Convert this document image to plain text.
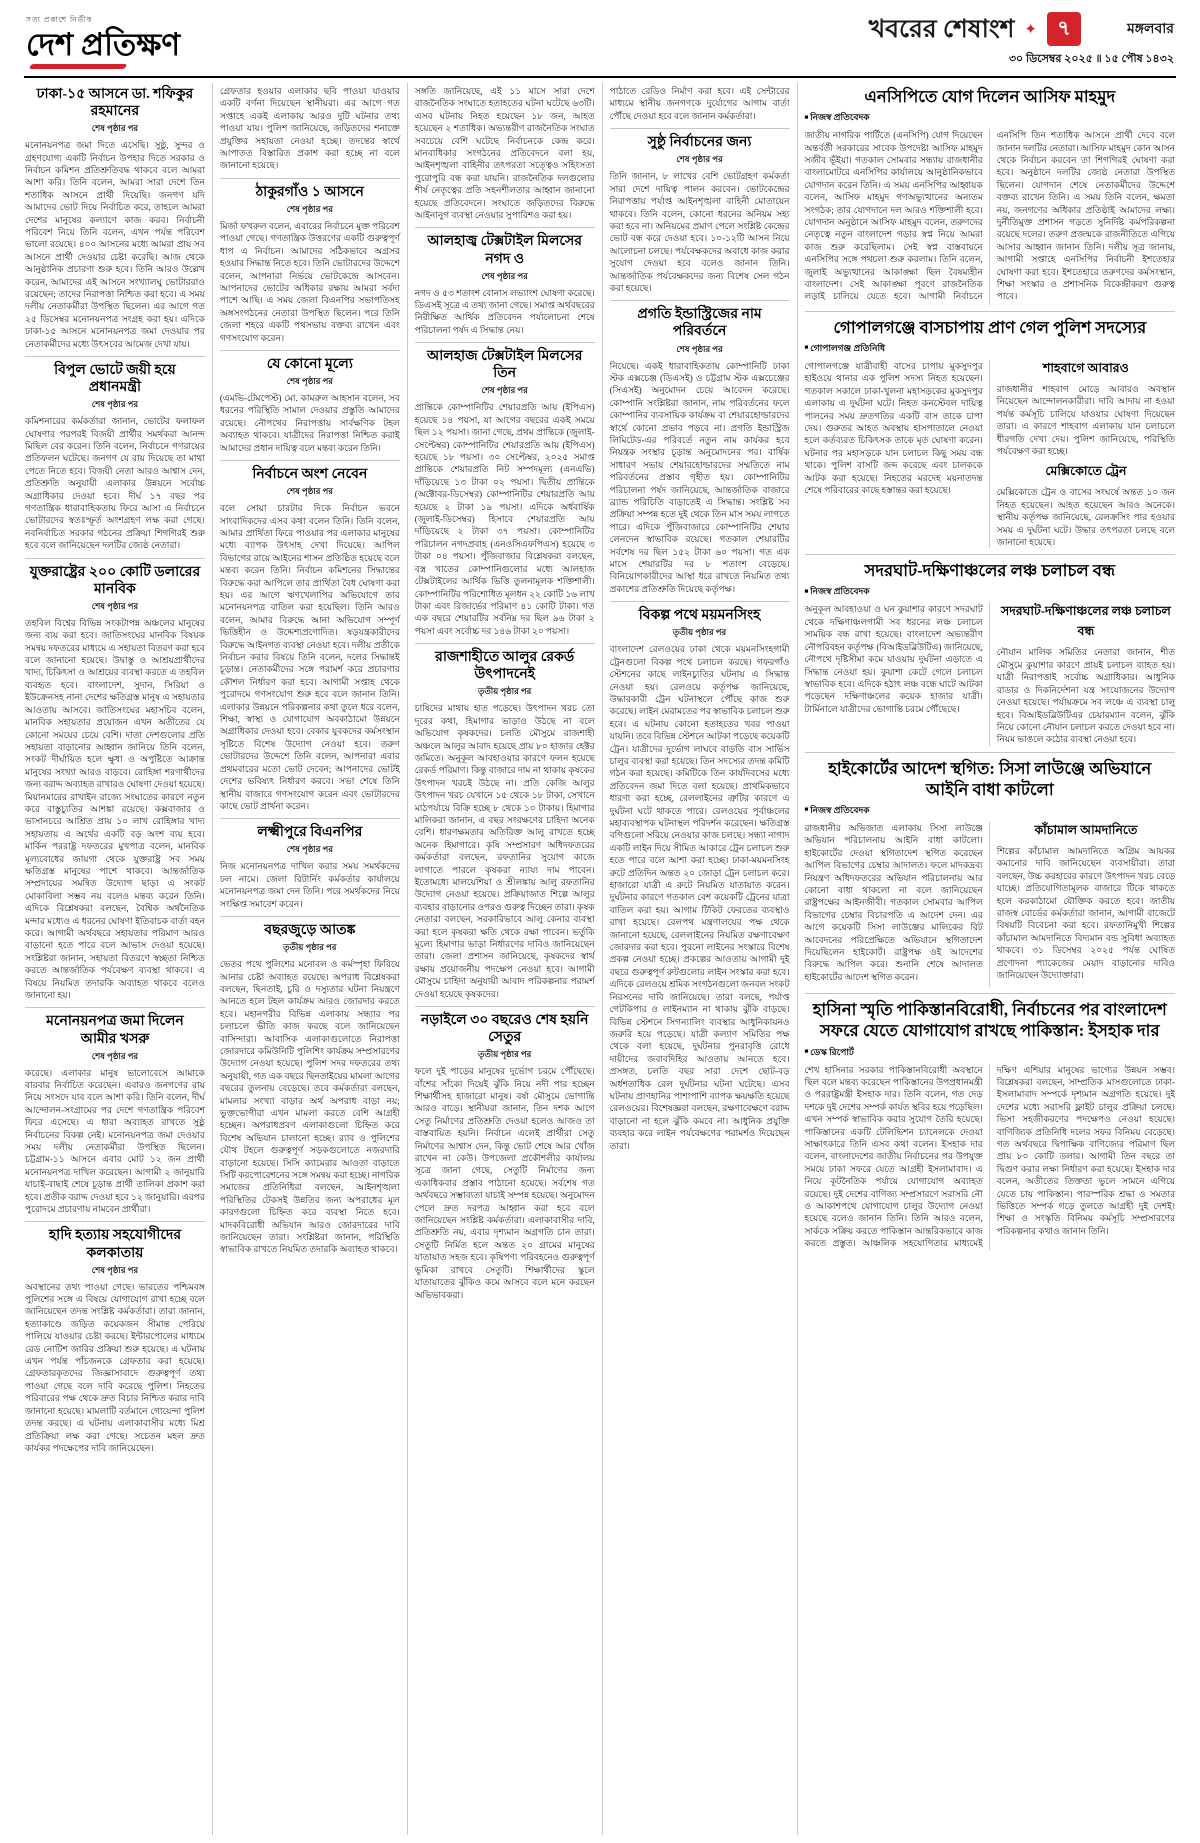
সত্য প্রকাশে নির্ভীক
দেশ প্রতিক্ষণ	খবরের শেষাংশ ✦ ৭	মঙ্গলবার
৩০ ডিসেম্বর ২০২৫ ॥ ১৫ পৌষ ১৪৩২
ঢাকা-১৫ আসনে ডা. শফিকুর রহমানের
শেষ পৃষ্ঠার পর

মনোনয়নপত্র জমা দিতে এসেছি। সুষ্ঠু, সুন্দর ও গ্রহণযোগ্য একটি নির্বাচন উপহার দিতে সরকার ও নির্বাচন কমিশন প্রতিশ্রুতিবদ্ধ থাকবে বলে আমরা আশা করি। তিনি বলেন, আমরা সারা দেশে তিন শতাধিক আসনে প্রার্থী দিয়েছি। জনগণ যদি আমাদের ভোট দিয়ে নির্বাচিত করে, তাহলে আমরা দেশের মানুষের কল্যাণে কাজ করব। নির্বাচনী পরিবেশ নিয়ে তিনি বলেন, এখন পর্যন্ত পরিবেশ ভালো রয়েছে। ৪০০ আসনের মধ্যে আমরা প্রায় সব আসনে প্রার্থী দেওয়ার চেষ্টা করেছি। আজ থেকে আনুষ্ঠানিক প্রচারণা শুরু হবে। তিনি আরও উল্লেখ করেন, আমাদের এই আসনে সংখ্যালঘু ভোটাররাও রয়েছেন; তাদের নিরাপত্তা নিশ্চিত করা হবে। এ সময় দলীয় নেতাকর্মীরা উপস্থিত ছিলেন। এর আগে গত ২৫ ডিসেম্বর মনোনয়নপত্র সংগ্রহ করা হয়। এদিকে ঢাকা-১৫ আসনে মনোনয়নপত্র জমা দেওয়ার পর নেতাকর্মীদের মধ্যে উৎসবের আমেজ দেখা যায়।

বিপুল ভোটে জয়ী হয়ে প্রধানমন্ত্রী
শেষ পৃষ্ঠার পর

কমিশনারের কর্মকর্তারা জানান, ভোটের ফলাফল ঘোষণার পরপরই বিজয়ী প্রার্থীর সমর্থকরা আনন্দ মিছিল বের করেন। তিনি বলেন, নির্বাচনে গণরায়ের প্রতিফলন ঘটেছে। জনগণ যে রায় দিয়েছে তা মাথা পেতে নিতে হবে। বিজয়ী নেতা আরও আশ্বাস দেন, প্রতিশ্রুতি অনুযায়ী এলাকার উন্নয়নে সর্বোচ্চ অগ্রাধিকার দেওয়া হবে। দীর্ঘ ১৭ বছর পর গণতান্ত্রিক ধারাবাহিকতায় ফিরে আসা এ নির্বাচনে ভোটারদের স্বতঃস্ফূর্ত অংশগ্রহণ লক্ষ করা গেছে। নবনির্বাচিত সরকার গঠনের প্রক্রিয়া শিগগিরই শুরু হবে বলে জানিয়েছেন দলটির জ্যেষ্ঠ নেতারা।

যুক্তরাষ্ট্রের ২০০ কোটি ডলারের মানবিক
শেষ পৃষ্ঠার পর

তহবিল বিশ্বের বিভিন্ন সংকটাপন্ন অঞ্চলের মানুষের জন্য ব্যয় করা হবে। জাতিসংঘের মানবিক বিষয়ক সমন্বয় দফতরের মাধ্যমে এ সহায়তা বিতরণ করা হবে বলে জানানো হয়েছে। উদ্বাস্তু ও আশ্রয়প্রার্থীদের খাদ্য, চিকিৎসা ও আশ্রয়ের ব্যবস্থা করতে এ তহবিল ব্যবহৃত হবে। বাংলাদেশ, সুদান, সিরিয়া ও ইউক্রেনসহ নানা দেশের ক্ষতিগ্রস্ত মানুষ এ সহায়তার আওতায় আসবে। জাতিসংঘের মহাসচিব বলেন, মানবিক সহায়তার প্রয়োজন এখন অতীতের যে কোনো সময়ের চেয়ে বেশি। দাতা দেশগুলোর প্রতি সহায়তা বাড়ানোর আহ্বান জানিয়ে তিনি বলেন, সংকট দীর্ঘায়িত হলে ক্ষুধা ও অপুষ্টিতে আক্রান্ত মানুষের সংখ্যা আরও বাড়বে। রোহিঙ্গা শরণার্থীদের জন্য বরাদ্দ অব্যাহত রাখারও ঘোষণা দেওয়া হয়েছে। মিয়ানমারের রাখাইন রাজ্যে সংঘাতের কারণে নতুন করে বাস্তুচ্যুতির আশঙ্কা রয়েছে। কক্সবাজার ও ভাসানচরে আশ্রিত প্রায় ১০ লাখ রোহিঙ্গার খাদ্য সহায়তায় এ অর্থের একটি বড় অংশ ব্যয় হবে। মার্কিন পররাষ্ট্র দফতরের মুখপাত্র বলেন, মানবিক মূল্যবোধের জায়গা থেকে যুক্তরাষ্ট্র সব সময় ক্ষতিগ্রস্ত মানুষের পাশে থাকবে। আন্তর্জাতিক সম্প্রদায়ের সমন্বিত উদ্যোগ ছাড়া এ সংকট মোকাবিলা সম্ভব নয় বলেও মন্তব্য করেন তিনি। এদিকে বিশ্লেষকরা বলছেন, বৈশ্বিক অর্থনৈতিক মন্দার মধ্যেও এ ধরনের ঘোষণা ইতিবাচক বার্তা বহন করে। আগামী অর্থবছরে সহায়তার পরিমাণ আরও বাড়ানো হতে পারে বলে আভাস দেওয়া হয়েছে। সংশ্লিষ্টরা জানান, সহায়তা বিতরণে স্বচ্ছতা নিশ্চিত করতে আন্তর্জাতিক পর্যবেক্ষণ ব্যবস্থা থাকবে। এ বিষয়ে নিয়মিত তদারকি অব্যাহত থাকবে বলেও জানানো হয়।

মনোনয়নপত্র জমা দিলেন আমীর খসরু
শেষ পৃষ্ঠার পর

করেছে। এলাকার মানুষ ভালোবেসে আমাকে বারবার নির্বাচিত করেছেন। এবারও জনগণের রায় নিয়ে সংসদে যাব বলে আশা করি। তিনি বলেন, দীর্ঘ আন্দোলন-সংগ্রামের পর দেশে গণতান্ত্রিক পরিবেশ ফিরে এসেছে। এ ধারা অব্যাহত রাখতে সুষ্ঠু নির্বাচনের বিকল্প নেই। মনোনয়নপত্র জমা দেওয়ার সময় দলীয় নেতাকর্মীরা উপস্থিত ছিলেন। চট্টগ্রাম-১১ আসনে এবার মোট ১২ জন প্রার্থী মনোনয়নপত্র দাখিল করেছেন। আগামী ২ জানুয়ারি যাচাই-বাছাই শেষে চূড়ান্ত প্রার্থী তালিকা প্রকাশ করা হবে। প্রতীক বরাদ্দ দেওয়া হবে ১২ জানুয়ারি। এরপর পুরোদমে প্রচারণায় নামবেন প্রার্থীরা।

হাদি হত্যায় সহযোগীদের কলকাতায়
শেষ পৃষ্ঠার পর

অবস্থানের তথ্য পাওয়া গেছে। ভারতের পশ্চিমবঙ্গ পুলিশের সঙ্গে এ বিষয়ে যোগাযোগ রাখা হচ্ছে বলে জানিয়েছেন তদন্ত সংশ্লিষ্ট কর্মকর্তারা। তারা জানান, হত্যাকাণ্ডে জড়িত কয়েকজন সীমান্ত পেরিয়ে পালিয়ে যাওয়ার চেষ্টা করছে। ইন্টারপোলের মাধ্যমে রেড নোটিশ জারির প্রক্রিয়া শুরু হয়েছে। এ ঘটনায় এখন পর্যন্ত পাঁচজনকে গ্রেফতার করা হয়েছে। গ্রেফতারকৃতদের জিজ্ঞাসাবাদে গুরুত্বপূর্ণ তথ্য পাওয়া গেছে বলে দাবি করেছে পুলিশ। নিহতের পরিবারের পক্ষ থেকে দ্রুত বিচার নিশ্চিত করার দাবি জানানো হয়েছে। মামলাটি বর্তমানে গোয়েন্দা পুলিশ তদন্ত করছে। এ ঘটনায় এলাকাবাসীর মধ্যে মিশ্র প্রতিক্রিয়া লক্ষ করা গেছে। সচেতন মহল দ্রুত কার্যকর পদক্ষেপের দাবি জানিয়েছেন।

গ্রেফতার হওয়ার এলাকার ছবি পাওয়া যাওয়ার একটি বর্ণনা দিয়েছেন স্থানীয়রা। এর আগে গত সপ্তাহে একই এলাকায় আরও দুটি ঘটনার তথ্য পাওয়া যায়। পুলিশ জানিয়েছে, জড়িতদের শনাক্তে প্রযুক্তির সহায়তা নেওয়া হচ্ছে। তদন্তের স্বার্থে আপাতত বিস্তারিত প্রকাশ করা হচ্ছে না বলে জানানো হয়েছে।

ঠাকুরগাঁও ১ আসনে
শেষ পৃষ্ঠার পর

মির্জা ফখরুল বলেন, এবারের নির্বাচনে মুক্ত পরিবেশ পাওয়া গেছে। গণতান্ত্রিক উত্তরণের একটি গুরুত্বপূর্ণ ধাপ এ নির্বাচন। আমাদের সঠিকভাবে অগ্রসর হওয়ার সিদ্ধান্ত নিতে হবে। তিনি ভোটারদের উদ্দেশে বলেন, আপনারা নির্ভয়ে ভোটকেন্দ্রে আসবেন। আপনাদের ভোটের অধিকার রক্ষায় আমরা সর্বদা পাশে আছি। এ সময় জেলা বিএনপির সভাপতিসহ অঙ্গসংগঠনের নেতারা উপস্থিত ছিলেন। পরে তিনি জেলা শহরে একটি পথসভায় বক্তব্য রাখেন এবং গণসংযোগ করেন।

যে কোনো মূল্যে
শেষ পৃষ্ঠার পর

(এমভি-টেমপেস্ট) মো. কামরুল আহসান বলেন, সব ধরনের পরিস্থিতি সামাল দেওয়ার প্রস্তুতি আমাদের রয়েছে। নৌপথের নিরাপত্তায় সার্বক্ষণিক টহল অব্যাহত থাকবে। যাত্রীদের নিরাপত্তা নিশ্চিত করাই আমাদের প্রধান দায়িত্ব বলে মন্তব্য করেন তিনি।

নির্বাচনে অংশ নেবেন
শেষ পৃষ্ঠার পর

বলে সোয়া চারটার দিকে নির্বাচন ভবনে সাংবাদিকদের এসব কথা বলেন তিনি। তিনি বলেন, আমার প্রার্থিতা ফিরে পাওয়ার পর এলাকার মানুষের মধ্যে ব্যাপক উৎসাহ দেখা দিয়েছে। আপিল বিভাগের রায়ে আইনের শাসন প্রতিষ্ঠিত হয়েছে বলে মন্তব্য করেন তিনি। নির্বাচন কমিশনের সিদ্ধান্তের বিরুদ্ধে করা আপিলে তার প্রার্থিতা বৈধ ঘোষণা করা হয়। এর আগে ঋণখেলাপির অভিযোগে তার মনোনয়নপত্র বাতিল করা হয়েছিল। তিনি আরও বলেন, আমার বিরুদ্ধে আনা অভিযোগ সম্পূর্ণ ভিত্তিহীন ও উদ্দেশ্যপ্রণোদিত। ষড়যন্ত্রকারীদের বিরুদ্ধে আইনগত ব্যবস্থা নেওয়া হবে। দলীয় প্রতীকে নির্বাচন করার বিষয়ে তিনি বলেন, দলের সিদ্ধান্তই চূড়ান্ত। নেতাকর্মীদের সঙ্গে পরামর্শ করে প্রচারণার কৌশল নির্ধারণ করা হবে। আগামী সপ্তাহ থেকে পুরোদমে গণসংযোগ শুরু হবে বলে জানান তিনি। এলাকার উন্নয়নে পরিকল্পনার কথা তুলে ধরে বলেন, শিক্ষা, স্বাস্থ্য ও যোগাযোগ অবকাঠামো উন্নয়নে অগ্রাধিকার দেওয়া হবে। বেকার যুবকদের কর্মসংস্থান সৃষ্টিতে বিশেষ উদ্যোগ নেওয়া হবে। তরুণ ভোটারদের উদ্দেশে তিনি বলেন, আপনারা এবার প্রথমবারের মতো ভোট দেবেন; আপনাদের ভোটই দেশের ভবিষ্যৎ নির্ধারণ করবে। সভা শেষে তিনি স্থানীয় বাজারে গণসংযোগ করেন এবং ভোটারদের কাছে ভোট প্রার্থনা করেন।

লক্ষ্মীপুরে বিএনপির
শেষ পৃষ্ঠার পর

নিজ মনোনয়নপত্র দাখিল করার সময় সমর্থকদের ঢল নামে। জেলা রিটার্নিং কর্মকর্তার কার্যালয়ে মনোনয়নপত্র জমা দেন তিনি। পরে সমর্থকদের নিয়ে সংক্ষিপ্ত সমাবেশ করেন।

বছরজুড়ে আতঙ্ক
তৃতীয় পৃষ্ঠার পর

ভেতর পথে পুলিশের মনোবল ও কর্মস্পৃহা ফিরিয়ে আনার চেষ্টা অব্যাহত রয়েছে। অপরাধ বিশ্লেষকরা বলছেন, ছিনতাই, চুরি ও দস্যুতার ঘটনা নিয়ন্ত্রণে আনতে হলে টহল কার্যক্রম আরও জোরদার করতে হবে। মহানগরীর বিভিন্ন এলাকায় সন্ধ্যার পর চলাচলে ভীতি কাজ করছে বলে জানিয়েছেন বাসিন্দারা। আবাসিক এলাকাগুলোতে নিরাপত্তা জোরদারে কমিউনিটি পুলিশিং কার্যক্রম সম্প্রসারণের উদ্যোগ নেওয়া হয়েছে। পুলিশ সদর দফতরের তথ্য অনুযায়ী, গত এক বছরে ছিনতাইয়ের মামলা আগের বছরের তুলনায় বেড়েছে। তবে কর্মকর্তারা বলছেন, মামলার সংখ্যা বাড়ার অর্থ অপরাধ বাড়া নয়; ভুক্তভোগীরা এখন মামলা করতে বেশি আগ্রহী হচ্ছেন। অপরাধপ্রবণ এলাকাগুলো চিহ্নিত করে বিশেষ অভিযান চালানো হচ্ছে। র‍্যাব ও পুলিশের যৌথ টহলে গুরুত্বপূর্ণ সড়কগুলোতে নজরদারি বাড়ানো হয়েছে। সিসি ক্যামেরার আওতা বাড়াতে সিটি করপোরেশনের সঙ্গে সমন্বয় করা হচ্ছে। নাগরিক সমাজের প্রতিনিধিরা বলছেন, আইনশৃঙ্খলা পরিস্থিতির টেকসই উন্নতির জন্য অপরাধের মূল কারণগুলো চিহ্নিত করে ব্যবস্থা নিতে হবে। মাদকবিরোধী অভিযান আরও জোরদারের দাবি জানিয়েছেন তারা। সংশ্লিষ্টরা জানান, পরিস্থিতি স্বাভাবিক রাখতে নিয়মিত তদারকি অব্যাহত থাকবে।

সঙ্গতি জানিয়েছে, এই ১১ মাসে সারা দেশে রাজনৈতিক সংঘাতে হতাহতের ঘটনা ঘটেছে ৬৩টি। এসব ঘটনায় নিহত হয়েছেন ১৮ জন, আহত হয়েছেন ২ শতাধিক। অভ্যন্তরীণ রাজনৈতিক সংঘাত সবচেয়ে বেশি ঘটেছে নির্বাচনকে কেন্দ্র করে। মানবাধিকার সংগঠনের প্রতিবেদনে বলা হয়, আইনশৃঙ্খলা বাহিনীর তৎপরতা সত্ত্বেও সহিংসতা পুরোপুরি বন্ধ করা যায়নি। রাজনৈতিক দলগুলোর শীর্ষ নেতৃত্বের প্রতি সহনশীলতার আহ্বান জানানো হয়েছে প্রতিবেদনে। সংঘাতে জড়িতদের বিরুদ্ধে আইনানুগ ব্যবস্থা নেওয়ার সুপারিশও করা হয়।

আলহাজ্ব টেক্সটাইল মিলসের নগদ ও
শেষ পৃষ্ঠার পর

নগদ ও ৫৩ শতাংশ বোনাস লভ্যাংশ ঘোষণা করেছে। ডিএসই সূত্রে এ তথ্য জানা গেছে। সমাপ্ত অর্থবছরের নিরীক্ষিত আর্থিক প্রতিবেদন পর্যালোচনা শেষে পরিচালনা পর্ষদ এ সিদ্ধান্ত নেয়।

আলহাজ টেক্সটাইল মিলসের তিন
শেষ পৃষ্ঠার পর

প্রান্তিকে কোম্পানিটির শেয়ারপ্রতি আয় (ইপিএস) হয়েছে ১৪ পয়সা, যা আগের বছরের একই সময়ে ছিল ১২ পয়সা। জানা গেছে, প্রথম প্রান্তিকে (জুলাই-সেপ্টেম্বর) কোম্পানিটির শেয়ারপ্রতি আয় (ইপিএস) হয়েছে ১৮ পয়সা। ৩০ সেপ্টেম্বর, ২০২৫ সমাপ্ত প্রান্তিকে শেয়ারপ্রতি নিট সম্পদমূল্য (এনএভি) দাঁড়িয়েছে ১৩ টাকা ০২ পয়সা। দ্বিতীয় প্রান্তিকে (অক্টোবর-ডিসেম্বর) কোম্পানিটির শেয়ারপ্রতি আয় হয়েছে ২ টাকা ১৯ পয়সা। এদিকে অর্ধবার্ষিক (জুলাই-ডিসেম্বর) হিসাবে শেয়ারপ্রতি আয় দাঁড়িয়েছে ২ টাকা ৩৭ পয়সা। কোম্পানিটির পরিচালন নগদপ্রবাহ (এনওসিএফপিএস) হয়েছে ৩ টাকা ০৪ পয়সা। পুঁজিবাজার বিশ্লেষকরা বলছেন, বস্ত্র খাতের কোম্পানিগুলোর মধ্যে আলহাজ টেক্সটাইলের আর্থিক ভিত্তি তুলনামূলক শক্তিশালী। কোম্পানিটির পরিশোধিত মূলধন ২২ কোটি ১৬ লাখ টাকা এবং রিজার্ভের পরিমাণ ৪১ কোটি টাকা। গত এক বছরে শেয়ারটির সর্বনিম্ন দর ছিল ৯৬ টাকা ২ পয়সা এবং সর্বোচ্চ দর ১৪৬ টাকা ২০ পয়সা।

রাজশাহীতে আলুর রেকর্ড উৎপাদনেই
তৃতীয় পৃষ্ঠার পর

চাষিদের মাথায় হাত পড়েছে। উৎপাদন খরচ তো দূরের কথা, হিমাগার ভাড়াও উঠছে না বলে অভিযোগ কৃষকদের। চলতি মৌসুমে রাজশাহী অঞ্চলে আলুর আবাদ হয়েছে প্রায় ৮০ হাজার হেক্টর জমিতে। অনুকূল আবহাওয়ার কারণে ফলন হয়েছে রেকর্ড পরিমাণ। কিন্তু বাজারে দাম না থাকায় কৃষকের উৎপাদন খরচই উঠছে না। প্রতি কেজি আলুর উৎপাদন খরচ যেখানে ১৫ থেকে ১৮ টাকা, সেখানে মাঠপর্যায়ে বিক্রি হচ্ছে ৮ থেকে ১০ টাকায়। হিমাগার মালিকরা জানান, এ বছর সংরক্ষণের চাহিদা অনেক বেশি। ধারণক্ষমতার অতিরিক্ত আলু রাখতে হচ্ছে অনেক হিমাগারে। কৃষি সম্প্রসারণ অধিদফতরের কর্মকর্তারা বলছেন, রফতানির সুযোগ কাজে লাগাতে পারলে কৃষকরা ন্যায্য দাম পাবেন। ইতোমধ্যে মালয়েশিয়া ও শ্রীলঙ্কায় আলু রফতানির উদ্যোগ নেওয়া হয়েছে। প্রক্রিয়াজাত শিল্পে আলুর ব্যবহার বাড়ানোর ওপরও গুরুত্ব দিচ্ছেন তারা। কৃষক নেতারা বলছেন, সরকারিভাবে আলু কেনার ব্যবস্থা করা হলে কৃষকরা ক্ষতি থেকে রক্ষা পাবেন। ভর্তুকি মূল্যে হিমাগার ভাড়া নির্ধারণের দাবিও জানিয়েছেন তারা। জেলা প্রশাসন জানিয়েছে, কৃষকদের স্বার্থ রক্ষায় প্রয়োজনীয় পদক্ষেপ নেওয়া হবে। আগামী মৌসুমে চাহিদা অনুযায়ী আবাদ পরিকল্পনার পরামর্শ দেওয়া হয়েছে কৃষকদের।

নড়াইলে ৩০ বছরেও শেষ হয়নি সেতুর
তৃতীয় পৃষ্ঠার পর

ফলে দুই পাড়ের মানুষের দুর্ভোগ চরমে পৌঁছেছে। বাঁশের সাঁকো দিয়েই ঝুঁকি নিয়ে নদী পার হচ্ছেন শিক্ষার্থীসহ হাজারো মানুষ। বর্ষা মৌসুমে ভোগান্তি আরও বাড়ে। স্থানীয়রা জানান, তিন দশক আগে সেতু নির্মাণের প্রতিশ্রুতি দেওয়া হলেও আজও তা বাস্তবায়িত হয়নি। নির্বাচন এলেই প্রার্থীরা সেতু নির্মাণের আশ্বাস দেন, কিন্তু ভোট শেষে আর খোঁজ রাখেন না কেউ। উপজেলা প্রকৌশলীর কার্যালয় সূত্রে জানা গেছে, সেতুটি নির্মাণের জন্য একাধিকবার প্রস্তাব পাঠানো হয়েছে। সর্বশেষ গত অর্থবছরে সম্ভাব্যতা যাচাই সম্পন্ন হয়েছে। অনুমোদন পেলে দ্রুত দরপত্র আহ্বান করা হবে বলে জানিয়েছেন সংশ্লিষ্ট কর্মকর্তারা। এলাকাবাসীর দাবি, প্রতিশ্রুতি নয়, এবার দৃশ্যমান অগ্রগতি চান তারা। সেতুটি নির্মিত হলে অন্তত ২০ গ্রামের মানুষের যাতায়াত সহজ হবে। কৃষিপণ্য পরিবহনেও গুরুত্বপূর্ণ ভূমিকা রাখবে সেতুটি। শিক্ষার্থীদের স্কুলে যাতায়াতের ঝুঁকিও কমে আসবে বলে মনে করছেন অভিভাবকরা।

পাঠাতে রেডিও নির্মাণ করা হবে। এই সেন্টারের মাধ্যমে স্থানীয় জনগণকে দুর্যোগের আগাম বার্তা পৌঁছে দেওয়া হবে বলে জানান কর্মকর্তারা।

সুষ্ঠু নির্বাচনের জন্য
শেষ পৃষ্ঠার পর

তিনি জানান, ৮ লাখের বেশি ভোটগ্রহণ কর্মকর্তা সারা দেশে দায়িত্ব পালন করবেন। ভোটকেন্দ্রের নিরাপত্তায় পর্যাপ্ত আইনশৃঙ্খলা বাহিনী মোতায়েন থাকবে। তিনি বলেন, কোনো ধরনের অনিয়ম সহ্য করা হবে না। অনিয়মের প্রমাণ পেলে সংশ্লিষ্ট কেন্দ্রের ভোট বন্ধ করে দেওয়া হবে। ১০-১২টি আসন নিয়ে আলোচনা চলছে। পর্যবেক্ষকদের অবাধে কাজ করার সুযোগ দেওয়া হবে বলেও জানান তিনি। আন্তর্জাতিক পর্যবেক্ষকদের জন্য বিশেষ সেল গঠন করা হয়েছে।

প্রগতি ইন্ডাস্ট্রিজের নাম পরিবর্তনে
শেষ পৃষ্ঠার পর

নিয়েছে। একই ধারাবাহিকতায় কোম্পানিটি ঢাকা স্টক এক্সচেঞ্জ (ডিএসই) ও চট্টগ্রাম স্টক এক্সচেঞ্জের (সিএসই) অনুমোদন চেয়ে আবেদন করেছে। কোম্পানি সংশ্লিষ্টরা জানান, নাম পরিবর্তনের ফলে কোম্পানির ব্যবসায়িক কার্যক্রম বা শেয়ারহোল্ডারদের স্বার্থে কোনো প্রভাব পড়বে না। প্রগতি ইন্ডাস্ট্রিজ লিমিটেড-এর পরিবর্তে নতুন নাম কার্যকর হবে নিয়ন্ত্রক সংস্থার চূড়ান্ত অনুমোদনের পর। বার্ষিক সাধারণ সভায় শেয়ারহোল্ডারদের সম্মতিতে নাম পরিবর্তনের প্রস্তাব গৃহীত হয়। কোম্পানিটির পরিচালনা পর্ষদ জানিয়েছে, আন্তর্জাতিক বাজারে ব্র্যান্ড পরিচিতি বাড়াতেই এ সিদ্ধান্ত। সংশ্লিষ্ট সব প্রক্রিয়া সম্পন্ন হতে দুই থেকে তিন মাস সময় লাগতে পারে। এদিকে পুঁজিবাজারে কোম্পানিটির শেয়ার লেনদেন স্বাভাবিক রয়েছে। গতকাল শেয়ারটির সর্বশেষ দর ছিল ১৫২ টাকা ৬০ পয়সা। গত এক মাসে শেয়ারটির দর ৮ শতাংশ বেড়েছে। বিনিয়োগকারীদের আস্থা ধরে রাখতে নিয়মিত তথ্য প্রকাশের প্রতিশ্রুতি দিয়েছে কর্তৃপক্ষ।

বিকল্প পথে ময়মনসিংহ
তৃতীয় পৃষ্ঠার পর

বাংলাদেশ রেলওয়ের ঢাকা থেকে ময়মনসিংহগামী ট্রেনগুলো বিকল্প পথে চলাচল করছে। গফরগাঁও স্টেশনের কাছে লাইনচ্যুতির ঘটনায় এ সিদ্ধান্ত নেওয়া হয়। রেলওয়ে কর্তৃপক্ষ জানিয়েছে, উদ্ধারকারী ট্রেন ঘটনাস্থলে পৌঁছে কাজ শুরু করেছে। লাইন মেরামতের পর স্বাভাবিক চলাচল শুরু হবে। এ ঘটনায় কোনো হতাহতের খবর পাওয়া যায়নি। তবে বিভিন্ন স্টেশনে আটকা পড়েছে কয়েকটি ট্রেন। যাত্রীদের দুর্ভোগ লাঘবে বাড়তি বাস সার্ভিস চালুর ব্যবস্থা করা হয়েছে। তিন সদস্যের তদন্ত কমিটি গঠন করা হয়েছে। কমিটিকে তিন কার্যদিবসের মধ্যে প্রতিবেদন জমা দিতে বলা হয়েছে। প্রাথমিকভাবে ধারণা করা হচ্ছে, রেললাইনের ত্রুটির কারণে এ দুর্ঘটনা ঘটে থাকতে পারে। রেলওয়ের পূর্বাঞ্চলের মহাব্যবস্থাপক ঘটনাস্থল পরিদর্শন করেছেন। ক্ষতিগ্রস্ত বগিগুলো সরিয়ে নেওয়ার কাজ চলছে। সন্ধ্যা নাগাদ একটি লাইন দিয়ে সীমিত আকারে ট্রেন চলাচল শুরু হতে পারে বলে আশা করা হচ্ছে। ঢাকা-ময়মনসিংহ রুটে প্রতিদিন অন্তত ২০ জোড়া ট্রেন চলাচল করে। হাজারো যাত্রী এ রুটে নিয়মিত যাতায়াত করেন। দুর্ঘটনার কারণে গতকাল বেশ কয়েকটি ট্রেনের যাত্রা বাতিল করা হয়। আগাম টিকিট ফেরতের ব্যবস্থাও রাখা হয়েছে। রেলপথ মন্ত্রণালয়ের পক্ষ থেকে জানানো হয়েছে, রেললাইনের নিয়মিত রক্ষণাবেক্ষণ জোরদার করা হবে। পুরনো লাইনের সংস্কারে বিশেষ প্রকল্প নেওয়া হচ্ছে। প্রকল্পের আওতায় আগামী দুই বছরে গুরুত্বপূর্ণ রুটগুলোর লাইন সংস্কার করা হবে। এদিকে রেলওয়ে শ্রমিক সংগঠনগুলো জনবল সংকট নিরসনের দাবি জানিয়েছে। তারা বলছে, পর্যাপ্ত গেটকিপার ও লাইনম্যান না থাকায় ঝুঁকি বাড়ছে। বিভিন্ন স্টেশনে সিগন্যালিং ব্যবস্থার আধুনিকায়নও জরুরি হয়ে পড়েছে। যাত্রী কল্যাণ সমিতির পক্ষ থেকে বলা হয়েছে, দুর্ঘটনার পুনরাবৃত্তি রোধে দায়ীদের জবাবদিহির আওতায় আনতে হবে। প্রসঙ্গত, চলতি বছর সারা দেশে ছোট-বড় অর্ধশতাধিক রেল দুর্ঘটনার ঘটনা ঘটেছে। এসব ঘটনায় প্রাণহানির পাশাপাশি ব্যাপক ক্ষয়ক্ষতি হয়েছে রেলওয়ের। বিশেষজ্ঞরা বলছেন, রক্ষণাবেক্ষণে বরাদ্দ বাড়ানো না হলে ঝুঁকি কমবে না। আধুনিক প্রযুক্তি ব্যবহার করে লাইন পর্যবেক্ষণের পরামর্শও দিয়েছেন তারা।

এনসিপিতে যোগ দিলেন আসিফ মাহমুদ
■ নিজস্ব প্রতিবেদক

জাতীয় নাগরিক পার্টিতে (এনসিপি) যোগ দিয়েছেন অন্তর্বর্তী সরকারের সাবেক উপদেষ্টা আসিফ মাহমুদ সজীব ভূঁইয়া। গতকাল সোমবার সন্ধ্যায় রাজধানীর বাংলামোটরে এনসিপির কার্যালয়ে আনুষ্ঠানিকভাবে যোগদান করেন তিনি। এ সময় এনসিপির আহ্বায়ক বলেন, আসিফ মাহমুদ গণঅভ্যুত্থানের অন্যতম সংগঠক; তার যোগদানে দল আরও শক্তিশালী হবে। যোগদান অনুষ্ঠানে আসিফ মাহমুদ বলেন, তরুণদের নেতৃত্বে নতুন বাংলাদেশ গড়ার স্বপ্ন নিয়ে আমরা কাজ শুরু করেছিলাম। সেই স্বপ্ন বাস্তবায়নে এনসিপির সঙ্গে পথচলা শুরু করলাম। তিনি বলেন, জুলাই অভ্যুত্থানের আকাঙ্ক্ষা ছিল বৈষম্যহীন বাংলাদেশ। সেই আকাঙ্ক্ষা পূরণে রাজনৈতিক লড়াই চালিয়ে যেতে হবে। আগামী নির্বাচনে এনসিপি তিন শতাধিক আসনে প্রার্থী দেবে বলে জানান দলটির নেতারা। আসিফ মাহমুদ কোন আসন থেকে নির্বাচন করবেন তা শিগগিরই ঘোষণা করা হবে। অনুষ্ঠানে দলটির জ্যেষ্ঠ নেতারা উপস্থিত ছিলেন। যোগদান শেষে নেতাকর্মীদের উদ্দেশে বক্তব্য রাখেন তিনি। এ সময় তিনি বলেন, ক্ষমতা নয়, জনগণের অধিকার প্রতিষ্ঠাই আমাদের লক্ষ্য। দুর্নীতিমুক্ত প্রশাসন গড়তে সুনির্দিষ্ট কর্মপরিকল্পনা রয়েছে দলের। তরুণ প্রজন্মকে রাজনীতিতে এগিয়ে আসার আহ্বান জানান তিনি। দলীয় সূত্র জানায়, আগামী সপ্তাহে এনসিপির নির্বাচনী ইশতেহার ঘোষণা করা হবে। ইশতেহারে তরুণদের কর্মসংস্থান, শিক্ষা সংস্কার ও প্রশাসনিক বিকেন্দ্রীকরণ গুরুত্ব পাবে।

গোপালগঞ্জে বাসচাপায় প্রাণ গেল পুলিশ সদস্যের
■ গোপালগঞ্জ প্রতিনিধি

গোপালগঞ্জে যাত্রীবাহী বাসের চাপায় মুকসুদপুর হাইওয়ে থানার এক পুলিশ সদস্য নিহত হয়েছেন। গতকাল সকালে ঢাকা-খুলনা মহাসড়কের মুকসুদপুর এলাকায় এ দুর্ঘটনা ঘটে। নিহত কনস্টেবল দায়িত্ব পালনের সময় দ্রুতগতির একটি বাস তাকে চাপা দেয়। গুরুতর আহত অবস্থায় হাসপাতালে নেওয়া হলে কর্তব্যরত চিকিৎসক তাকে মৃত ঘোষণা করেন। ঘটনার পর মহাসড়কে যান চলাচল কিছু সময় বন্ধ থাকে। পুলিশ বাসটি জব্দ করেছে এবং চালককে আটক করা হয়েছে। নিহতের মরদেহ ময়নাতদন্ত শেষে পরিবারের কাছে হস্তান্তর করা হয়েছে।

শাহবাগে আবারও

রাজধানীর শাহবাগ মোড়ে আবারও অবস্থান নিয়েছেন আন্দোলনকারীরা। দাবি আদায় না হওয়া পর্যন্ত কর্মসূচি চালিয়ে যাওয়ার ঘোষণা দিয়েছেন তারা। এ কারণে শাহবাগ এলাকায় যান চলাচলে ধীরগতি দেখা দেয়। পুলিশ জানিয়েছে, পরিস্থিতি পর্যবেক্ষণ করা হচ্ছে।

মেক্সিকোতে ট্রেন

মেক্সিকোতে ট্রেন ও বাসের সংঘর্ষে অন্তত ১০ জন নিহত হয়েছেন। আহত হয়েছেন আরও অনেকে। স্থানীয় কর্তৃপক্ষ জানিয়েছে, রেলক্রসিং পার হওয়ার সময় এ দুর্ঘটনা ঘটে। উদ্ধার তৎপরতা চলছে বলে জানানো হয়েছে।

সদরঘাট-দক্ষিণাঞ্চলের লঞ্চ চলাচল বন্ধ
■ নিজস্ব প্রতিবেদক

অনুকূল আবহাওয়া ও ঘন কুয়াশার কারণে সদরঘাট থেকে দক্ষিণাঞ্চলগামী সব ধরনের লঞ্চ চলাচল সাময়িক বন্ধ রাখা হয়েছে। বাংলাদেশ অভ্যন্তরীণ নৌপরিবহন কর্তৃপক্ষ (বিআইডব্লিউটিএ) জানিয়েছে, নৌপথে দৃষ্টিসীমা কমে যাওয়ায় দুর্ঘটনা এড়াতে এ সিদ্ধান্ত নেওয়া হয়। কুয়াশা কেটে গেলে চলাচল স্বাভাবিক হবে। এদিকে হঠাৎ লঞ্চ বন্ধে ঘাটে আটকা পড়েছেন দক্ষিণাঞ্চলের কয়েক হাজার যাত্রী। টার্মিনালে যাত্রীদের ভোগান্তি চরমে পৌঁছেছে।

সদরঘাট-দক্ষিণাঞ্চলের লঞ্চ চলাচল বন্ধ

নৌযান মালিক সমিতির নেতারা জানান, শীত মৌসুমে কুয়াশার কারণে প্রায়ই চলাচল ব্যাহত হয়। যাত্রী নিরাপত্তাই সর্বোচ্চ অগ্রাধিকার। আধুনিক রাডার ও দিকনির্দেশনা যন্ত্র সংযোজনের উদ্যোগ নেওয়া হয়েছে। পর্যায়ক্রমে সব লঞ্চে এ ব্যবস্থা চালু হবে। বিআইডব্লিউটিএর চেয়ারম্যান বলেন, ঝুঁকি নিয়ে কোনো নৌযান চলাচল করতে দেওয়া হবে না। নিয়ম ভাঙলে কঠোর ব্যবস্থা নেওয়া হবে।

হাইকোর্টের আদেশ স্থগিত: সিসা লাউঞ্জে অভিযানে আইনি বাধা কা‌টলো
■ নিজস্ব প্রতিবেদক

রাজধানীর অভিজাত এলাকায় সিসা লাউঞ্জে অভিযান পরিচালনায় আইনি বাধা কাটলো। হাইকোর্টের দেওয়া স্থগিতাদেশ স্থগিত করেছেন আপিল বিভাগের চেম্বার আদালত। ফলে মাদকদ্রব্য নিয়ন্ত্রণ অধিদফতরের অভিযান পরিচালনায় আর কোনো বাধা থাকলো না বলে জানিয়েছেন রাষ্ট্রপক্ষের আইনজীবী। গতকাল সোমবার আপিল বিভাগের চেম্বার বিচারপতি এ আদেশ দেন। এর আগে কয়েকটি সিসা লাউঞ্জের মালিকের রিট আবেদনের পরিপ্রেক্ষিতে অভিযানে স্থগিতাদেশ দিয়েছিলেন হাইকোর্ট। রাষ্ট্রপক্ষ ওই আদেশের বিরুদ্ধে আপিল করে। শুনানি শেষে আদালত হাইকোর্টের আদেশ স্থগিত করেন।

কাঁচামাল আমদানিতে

শিল্পের কাঁচামাল আমদানিতে অগ্রিম আয়কর কমানোর দাবি জানিয়েছেন ব্যবসায়ীরা। তারা বলছেন, উচ্চ করহারের কারণে উৎপাদন খরচ বেড়ে যাচ্ছে। প্রতিযোগিতামূলক বাজারে টিকে থাকতে হলে করকাঠামো যৌক্তিক করতে হবে। জাতীয় রাজস্ব বোর্ডের কর্মকর্তারা জানান, আগামী বাজেটে বিষয়টি বিবেচনা করা হবে। রফতানিমুখী শিল্পের কাঁচামাল আমদানিতে বিদ্যমান বন্ড সুবিধা অব্যাহত থাকবে। ৩১ ডিসেম্বর ২০২৫ পর্যন্ত ঘোষিত প্রণোদনা প্যাকেজের মেয়াদ বাড়ানোর দাবিও জানিয়েছেন উদ্যোক্তারা।

হাসিনা স্মৃতি পাকিস্তানবিরোধী, নির্বাচনের পর বাংলাদেশ সফরে যেতে যোগাযোগ রাখছে পাকিস্তান: ইসহাক দার
■ ডেস্ক রিপোর্ট

শেখ হাসিনার সরকার পাকিস্তানবিরোধী অবস্থানে ছিল বলে মন্তব্য করেছেন পাকিস্তানের উপপ্রধানমন্ত্রী ও পররাষ্ট্রমন্ত্রী ইসহাক দার। তিনি বলেন, গত দেড় দশকে দুই দেশের সম্পর্ক কার্যত স্থবির হয়ে পড়েছিল। এখন সম্পর্ক স্বাভাবিক করার সুযোগ তৈরি হয়েছে। পাকিস্তানের একটি টেলিভিশন চ্যানেলকে দেওয়া সাক্ষাৎকারে তিনি এসব কথা বলেন। ইসহাক দার বলেন, বাংলাদেশের জাতীয় নির্বাচনের পর উপযুক্ত সময়ে ঢাকা সফরে যেতে আগ্রহী ইসলামাবাদ। এ নিয়ে কূটনৈতিক পর্যায়ে যোগাযোগ অব্যাহত রয়েছে। দুই দেশের বাণিজ্য সম্প্রসারণে সরাসরি নৌ ও আকাশপথে যোগাযোগ চালুর উদ্যোগ নেওয়া হয়েছে বলেও জানান তিনি। তিনি আরও বলেন, সার্ককে সক্রিয় করতে পাকিস্তান আন্তরিকভাবে কাজ করতে প্রস্তুত। আঞ্চলিক সহযোগিতার মাধ্যমেই দক্ষিণ এশিয়ার মানুষের ভাগ্যের উন্নয়ন সম্ভব। বিশ্লেষকরা বলছেন, সাম্প্রতিক মাসগুলোতে ঢাকা-ইসলামাবাদ সম্পর্কে দৃশ্যমান অগ্রগতি হয়েছে। দুই দেশের মধ্যে সরাসরি ফ্লাইট চালুর প্রক্রিয়া চলছে। ভিসা সহজীকরণের পদক্ষেপও নেওয়া হয়েছে। বাণিজ্যিক প্রতিনিধি দলের সফর বিনিময় বেড়েছে। গত অর্থবছরে দ্বিপাক্ষিক বাণিজ্যের পরিমাণ ছিল প্রায় ৮০ কোটি ডলার। আগামী তিন বছরে তা দ্বিগুণ করার লক্ষ্য নির্ধারণ করা হয়েছে। ইসহাক দার বলেন, অতীতের তিক্ততা ভুলে সামনে এগিয়ে যেতে চায় পাকিস্তান। পারস্পরিক শ্রদ্ধা ও সমতার ভিত্তিতে সম্পর্ক গড়ে তুলতে আগ্রহী দুই দেশই। শিক্ষা ও সংস্কৃতি বিনিময় কর্মসূচি সম্প্রসারণের পরিকল্পনার কথাও জানান তিনি।
